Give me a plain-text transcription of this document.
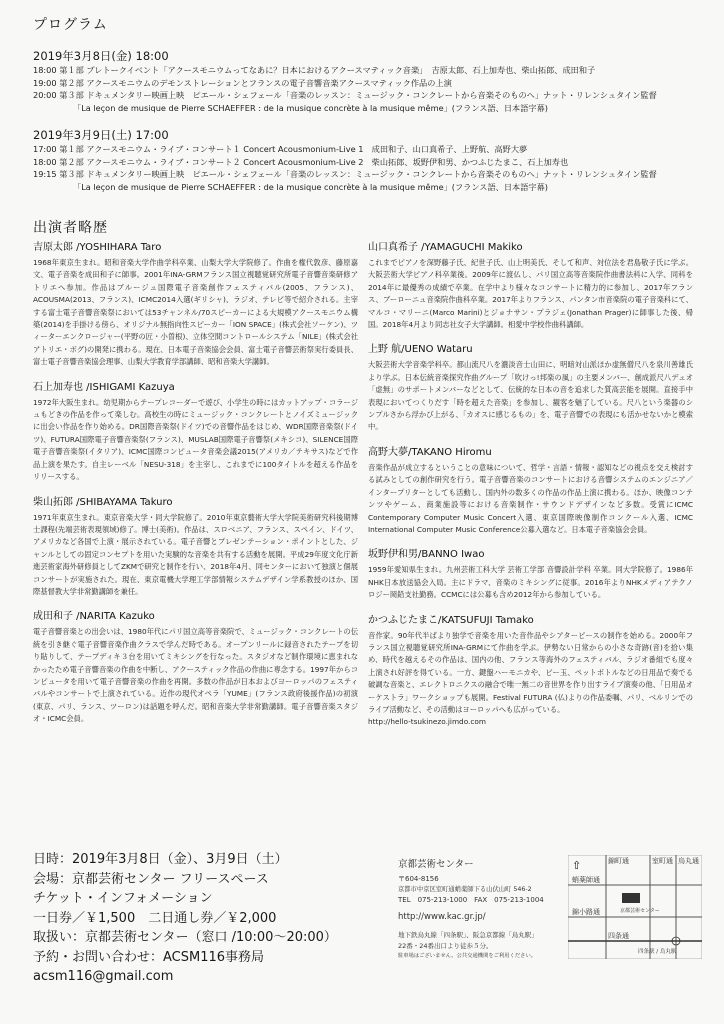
プログラム
2019年3月8日(金) 18:00
18:00 第１部 プレトークイベント「アクースモニウムってなあに？日本におけるアクースマティック音楽」　吉原太郎、石上加寿也、柴山拓郎、成田和子
19:00 第２部 アクースモニウムのデモンストレーションとフランスの電子音響音楽アクースマティック作品の上演
20:00 第３部 ドキュメンタリー映画上映　ピエール・シェフェール「音楽のレッスン：ミュージック・コンクレートから音楽そのものへ」ナット・リレンシュタイン監督
「La leçon de musique de Pierre SCHAEFFER : de la musique concrète à la musique même」(フランス語、日本語字幕)
2019年3月9日(土) 17:00
17:00 第１部 アクースモニウム・ライブ・コンサート１ Concert Acousmonium-Live 1　成田和子、山口真希子、上野航、高野大夢
18:00 第２部 アクースモニウム・ライブ・コンサート２ Concert Acousmonium-Live 2　柴山拓郎、坂野伊和男、かつふじたまこ、石上加寿也
19:15 第３部 ドキュメンタリー映画上映　ピエール・シェフェール「音楽のレッスン：ミュージック・コンクレートから音楽そのものへ」ナット・リレンシュタイン監督
「La leçon de musique de Pierre SCHAEFFER : de la musique concrète à la musique même」(フランス語、日本語字幕)
出演者略歴
吉原太郎 /YOSHIHARA Taro
1968年東京生まれ。昭和音楽大学作曲学科卒業、山梨大学大学院修了。作曲を権代敦彦、藤原嘉文、電子音楽を成田和子に師事。2001年INA-GRMフランス国立視聴覚研究所電子音響音楽研修アトリエへ参加。作品はブルージュ国際電子音楽創作フェスティバル(2005、フランス)、ACOUSMA(2013、フランス)、ICMC2014入選(ギリシャ)、ラジオ、テレビ等で紹介される。主宰する富士電子音響音楽祭においては53チャンネル/70スピーカーによる大規模アクースモニウム構築(2014)を手掛ける傍ら、オリジナル無指向性スピーカー「ION SPACE」(株式会社ソーケン)、ツィーターエンクロージャー(平野の匠・小曽根)、立体空間コントロールシステム「NILE」(株式会社アトリエ・ボグ)の開発に携わる。現在、日本電子音楽協会会員、富士電子音響芸術祭実行委員長、富士電子音響音楽協会理事、山梨大学教育学部講師、昭和音楽大学講師。
石上加寿也 /ISHIGAMI Kazuya
1972年大阪生まれ。幼児期からテープレコーダーで遊び、小学生の時にはカットアップ・コラージュもどきの作品を作って楽しむ。高校生の時にミュージック・コンクレートとノイズミュージックに出会い作品を作り始める。DR国際音楽祭(ドイツ)での音響作品をはじめ、WDR国際音楽祭(ドイツ)、FUTURA国際電子音響音楽祭(フランス)、MUSLAB国際電子音響祭(メキシコ)、SILENCE国際電子音響音楽祭(イタリア)、ICMC国際コンピュータ音楽会議2015(アメリカ／テキサス)などで作品上演を果たす。自主レーベル「NESU-318」を主宰し、これまでに100タイトルを超える作品をリリースする。
柴山拓郎 /SHIBAYAMA Takuro
1971年東京生まれ。東京音楽大学・同大学院修了。2010年東京藝術大学大学院美術研究科後期博士課程(先端芸術表現領域)修了。博士(美術)。作品は、スロベニア、フランス、スペイン、ドイツ、アメリカなど各国で上演・展示されている。電子音響とプレゼンテーション・ポイントとした、ジャンルとしての固定コンセプトを用いた実験的な音楽を共有する活動を展開。平成29年度文化庁新進芸術家海外研修員としてZKMで研究と制作を行い、2018年4月、同センターにおいて独演と個展コンサートが実施された。現在、東京電機大学理工学部情報システムデザイン学系教授のほか、国際基督教大学非常勤講師を兼任。
成田和子 /NARITA Kazuko
電子音響音楽との出会いは、1980年代にパリ国立高等音楽院で、ミュージック・コンクレートの伝統を引き継ぐ電子音響音楽作曲クラスで学んだ時である。オープンリールに録音されたテープを切り貼りして、テープディキ３台を用いてミキシングを行なった。スタジオなど制作環境に恵まれなかったため電子音響音楽の作曲を中断し、アクースティック作品の作曲に専念する。1997年からコンピュータを用いて電子音響音楽の作曲を再開。多数の作品が日本およびヨーロッパのフェスティバルやコンサートで上演されている。近作の現代オペラ「YUME」(フランス政府後援作品)の初演(東京、パリ、ランス、ツーロン)は話題を呼んだ。昭和音楽大学非常勤講師。電子音響音楽スタジオ・ICMC会員。
山口真希子 /YAMAGUCHI Makiko
これまでピアノを深野藤子氏、紀世子氏、山上明美氏、そして和声、対位法を君島敬子氏に学ぶ。大阪芸術大学ピアノ科卒業後。2009年に渡仏し、パリ国立高等音楽院作曲書法科に入学、同科を2014年に最優秀の成績で卒業。在学中より様々なコンサートに精力的に参加し、2017年フランス、ブーローニュ音楽院作曲科卒業。2017年よりフランス、パンタン市音楽院の電子音楽科にて、マルコ・マリーニ(Marco Marini)とジョナサン・プラジェ(Jonathan Prager)に師事した後、帰国。2018年4月より同志社女子大学講師。相愛中学校作曲科講師。
上野 航/UENO Wataru
大阪芸術大学音楽学科卒。都山流尺八を濃淡音士山田に、明暗対山派ほか虚無僧尺八を泉川善雄氏より学ぶ。日本伝統音楽探究作曲グループ「吹けっ!邦楽の風」の主要メンバー、創成派尺八デュオ「虚無」のサポートメンバーなどとして、伝統的な日本の音を追求した質高芸能を展開。直接手中表現においてつくりだす「時を超えた音楽」を参加し、観客を魅了している。尺八という楽器のシンプルさから浮かび上がる、「カオスに感じるもの」を、電子音響での表現にも活かせないかと模索中。
高野大夢/TAKANO Hiromu
音楽作品が成立するということの意味について、哲学・言語・情報・認知などの視点を交え検討する試みとしての創作研究を行う。電子音響音楽のコンサートにおける音響システムのエンジニア／インタープリターとしても活動し、国内外の数多くの作品の作品上演に携わる。ほか、映像コンテンツやゲーム、商業施設等における音楽制作・サウンドデザインなど多数。受賞にICMC Contemporary Computer Music Concert入選、東京国際映像制作コンクール入選、ICMC International Computer Music Conference公募入選など。日本電子音楽協会会員。
坂野伊和男/BANNO Iwao
1959年愛知県生まれ。九州芸術工科大学 芸術工学部 音響設計学科 卒業。同大学院修了。1986年NHK日本放送協会入局。主にドラマ、音楽のミキシングに従事。2016年よりNHKメディアテクノロジー岡鉛支社勤務。CCMCには公募も含め2012年から参加している。
かつふじたまこ/KATSUFUJI Tamako
音作家。90年代半ばより独学で音楽を用いた音作品やシアターピースの制作を始める。2000年フランス国立視聴覚研究所INA-GRMにて作曲を学ぶ。伊勢ない日常からの小さな奇跡(音)を拾い集め、時代を越えるその作品は、国内の他、フランス等海外のフェスティバル、ラジオ番組でも度々上演され好評を得ている。一方、鍵盤ハーモニカや、ビー玉、ペットボトルなどの日用品で奏でる破調な音楽と、エレクトロニクスの融合で唯一無二の音世界を作り出すライブ演奏の他、「日用品オーケストラ」ワークショップも展開。Festival FUTURA (仏)よりの作品委嘱、パリ、ベルリンでのライブ活動など、その活動はヨーロッパへも広がっている。
http://hello-tsukinezo.jimdo.com
日時：2019年3月8日（金）、3月9日（土）
会場：京都芸術センター フリースペース
チケット・インフォメーション
一日券／￥1,500　二日通し券／￥2,000
取扱い：京都芸術センター（窓口 /10:00～20:00）
予約・お問い合わせ：ACSM116事務局
acsm116@gmail.com
京都芸術センター
〒604-8156
京都市中京区室町通蛸薬師下る山伏山町 546-2
TEL　075-213-1000　FAX　075-213-1004
http://www.kac.gr.jp/
地下鉄烏丸線「四条駅」、阪急京都線「烏丸駅」
22番・24番出口より徒歩５分。
駐車場はございません。公共交通機関をご利用ください。
錦町通	室町通 烏丸通
蛸薬師通
錦小路通	京都芸術センター
四条通
四条駅 / 烏丸駅
⇧
